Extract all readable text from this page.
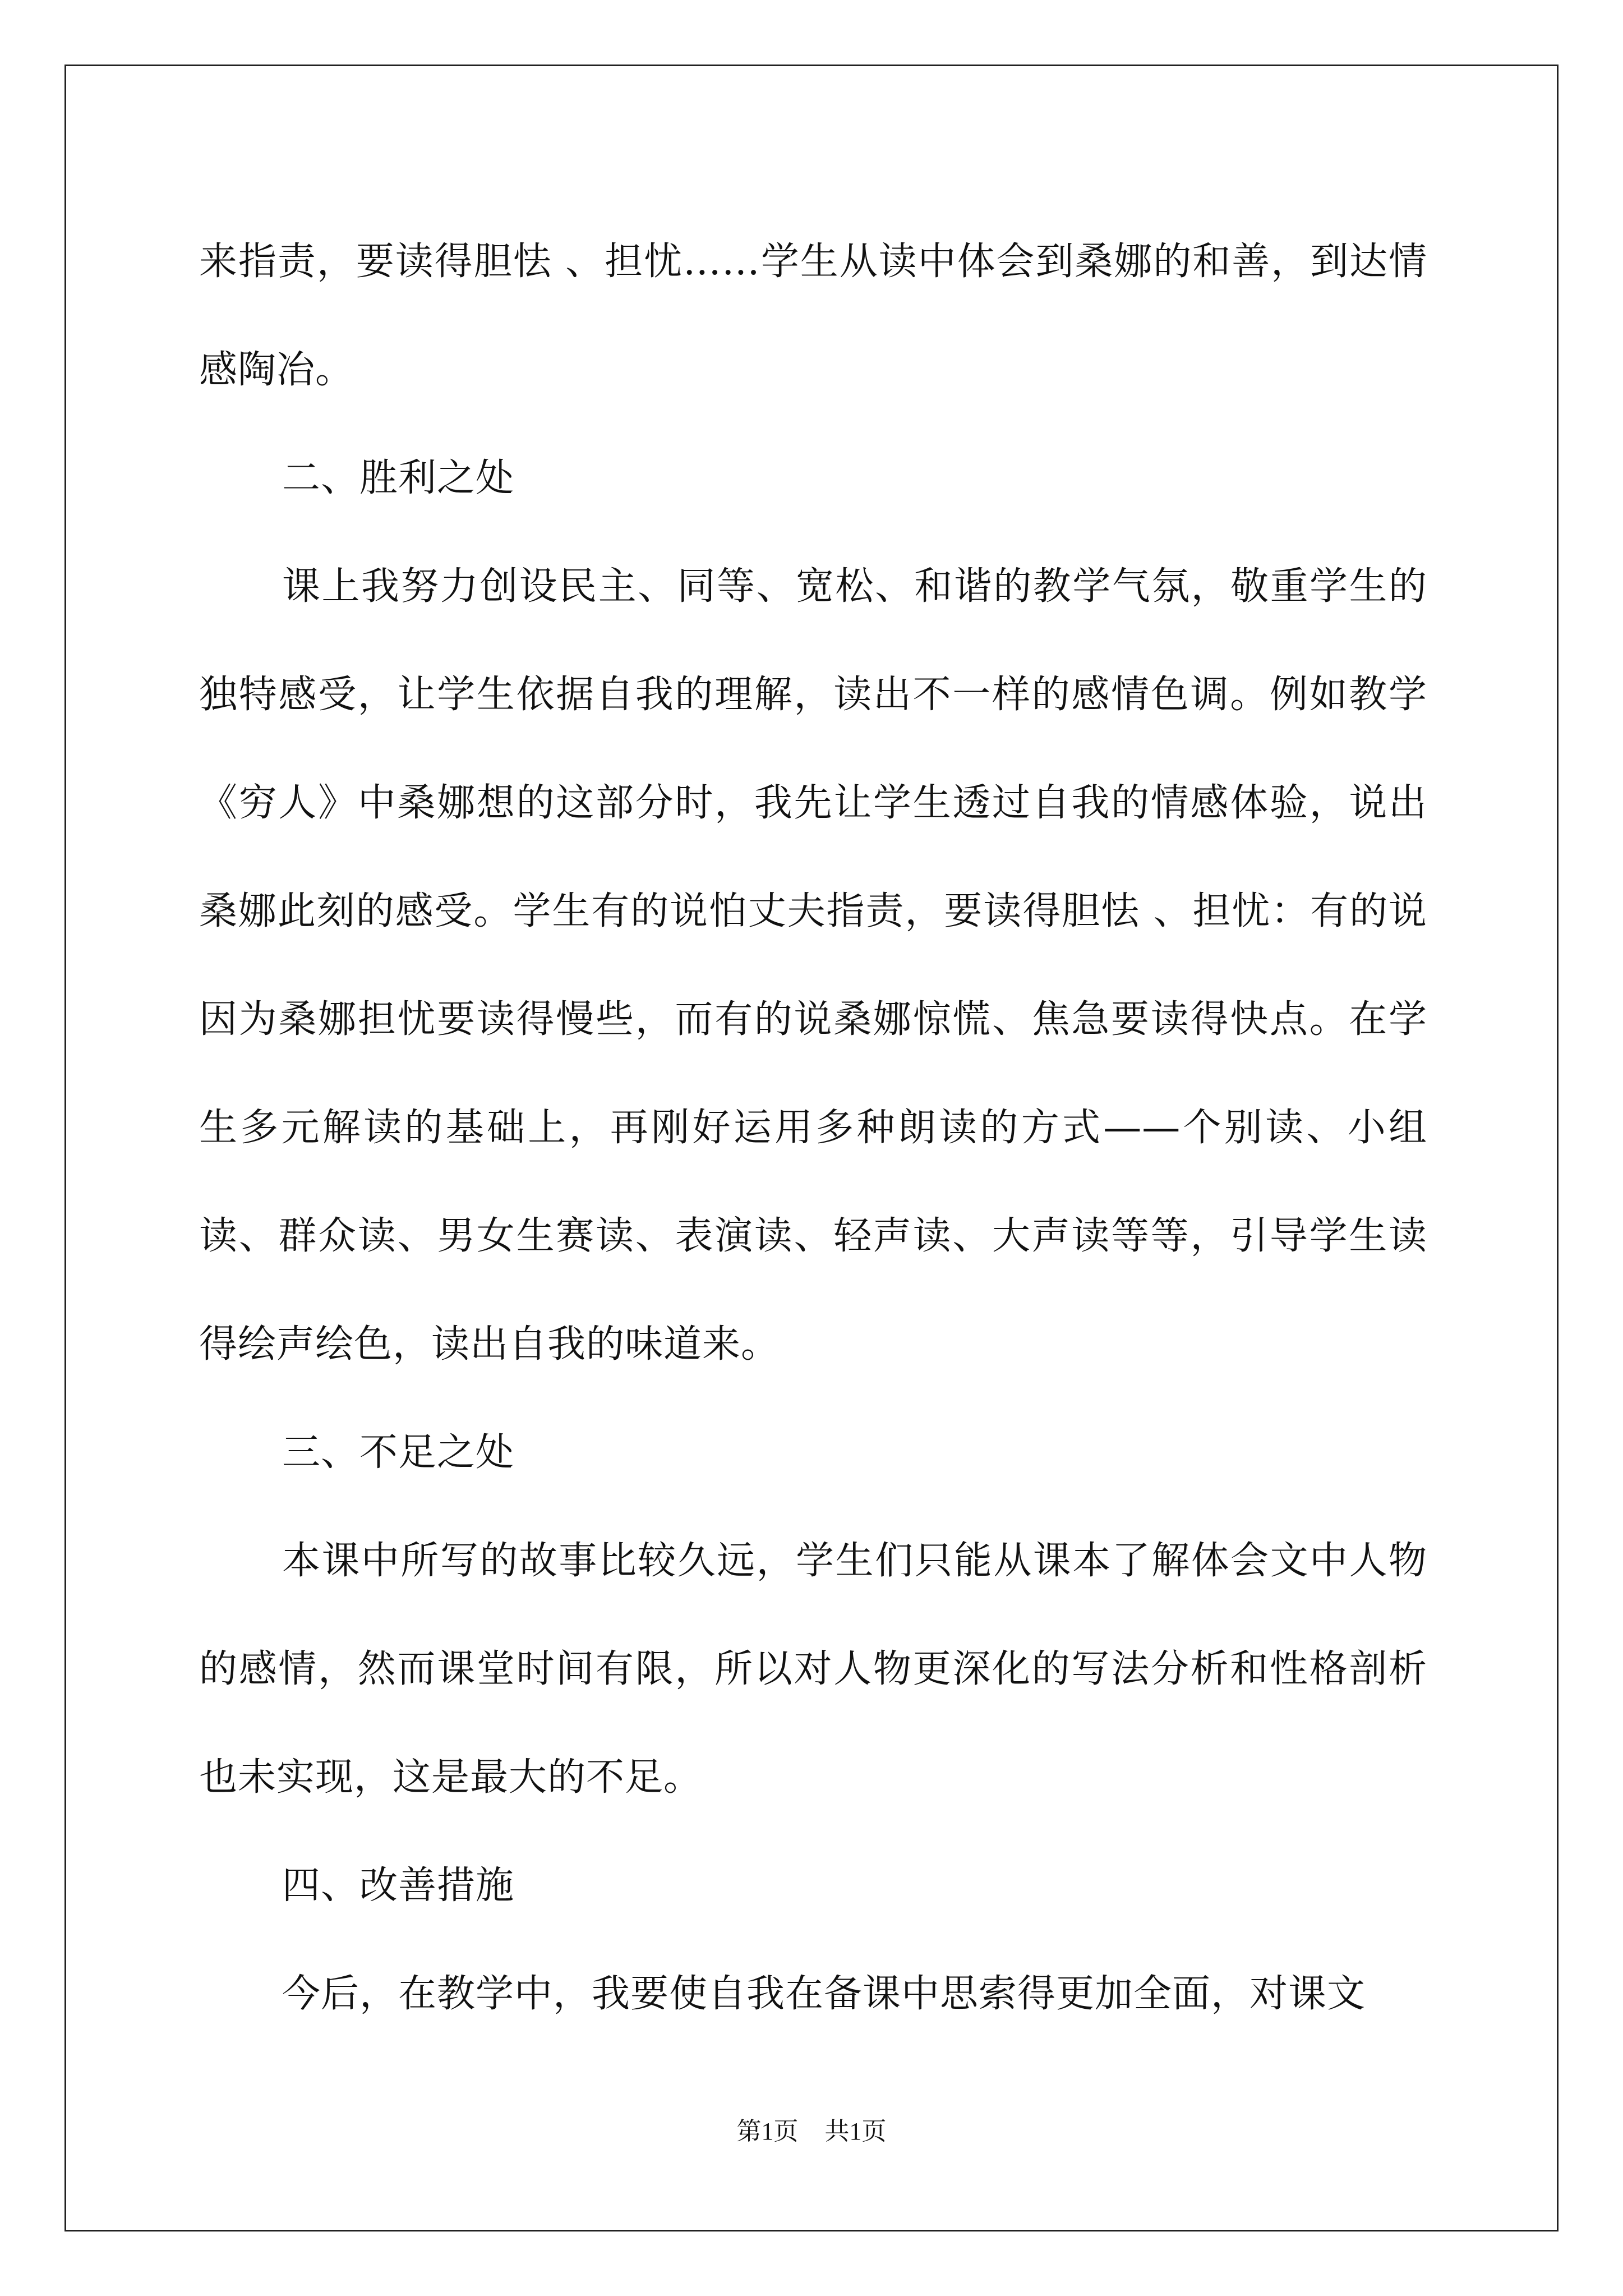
来指责，要读得胆怯 、担忧……学生从读中体会到桑娜的和善，到达情感陶冶。

二、胜利之处

课上我努力创设民主、同等、宽松、和谐的教学气氛，敬重学生的独特感受，让学生依据自我的理解，读出不一样的感情色调。例如教学《穷人》中桑娜想的这部分时，我先让学生透过自我的情感体验，说出桑娜此刻的感受。学生有的说怕丈夫指责，要读得胆怯 、担忧：有的说因为桑娜担忧要读得慢些，而有的说桑娜惊慌、焦急要读得快点。在学生多元解读的基础上，再刚好运用多种朗读的方式——个别读、小组读、群众读、男女生赛读、表演读、轻声读、大声读等等，引导学生读得绘声绘色，读出自我的味道来。

三、不足之处

本课中所写的故事比较久远，学生们只能从课本了解体会文中人物的感情，然而课堂时间有限，所以对人物更深化的写法分析和性格剖析也未实现，这是最大的不足。

四、改善措施

今后，在教学中，我要使自我在备课中思索得更加全面，对课文

第1页 共1页
